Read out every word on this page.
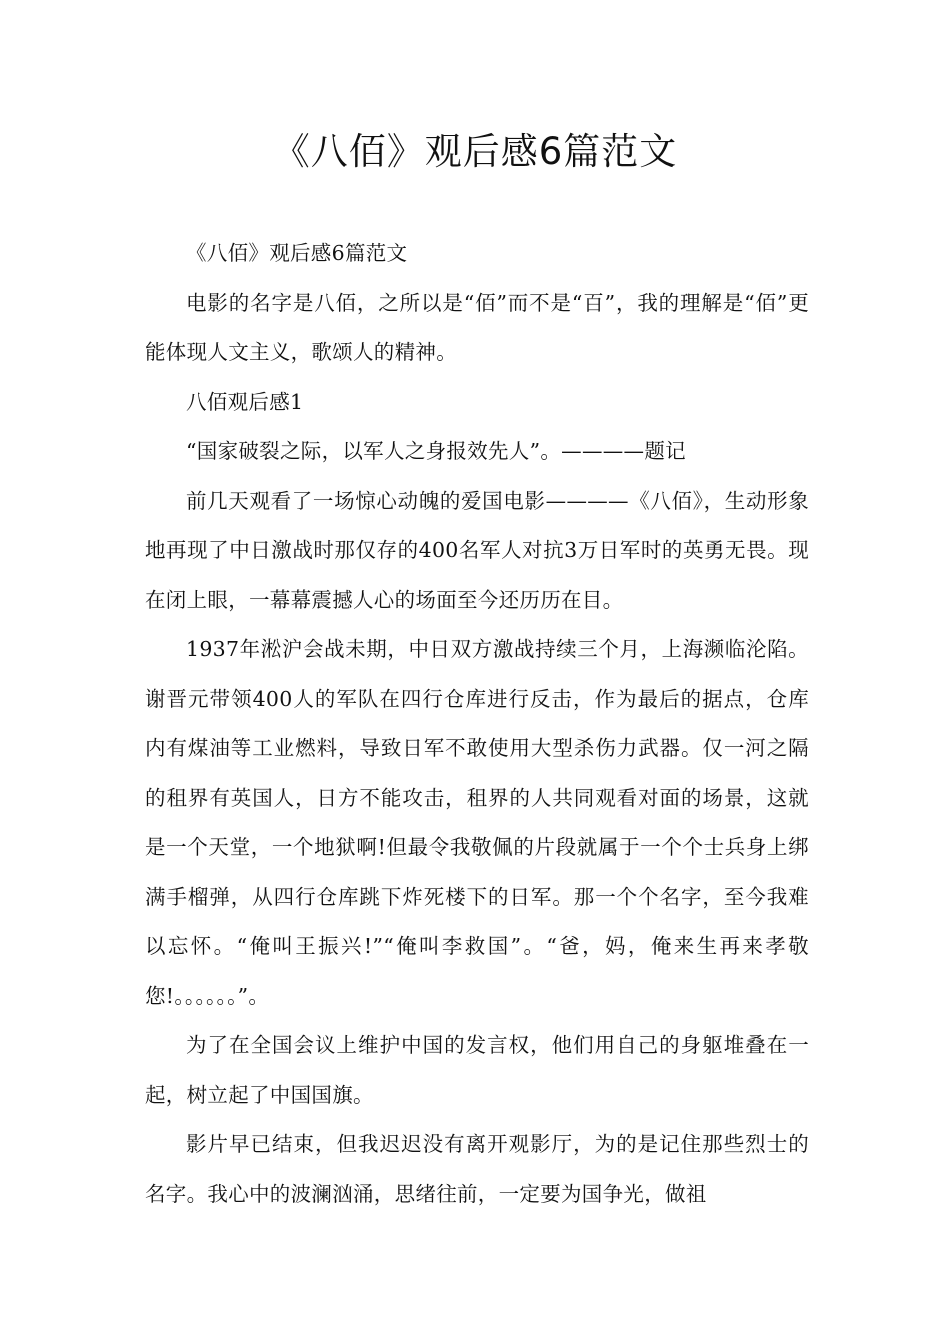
《八佰》观后感6篇范文

《八佰》观后感6篇范文

电影的名字是八佰，之所以是“佰”而不是“百”，我的理解是“佰”更能体现人文主义，歌颂人的精神。

八佰观后感1

“国家破裂之际，以军人之身报效先人”。————题记

前几天观看了一场惊心动魄的爱国电影————《八佰》，生动形象地再现了中日激战时那仅存的400名军人对抗3万日军时的英勇无畏。现在闭上眼，一幕幕震撼人心的场面至今还历历在目。

1937年淞沪会战未期，中日双方激战持续三个月，上海濒临沦陷。谢晋元带领400人的军队在四行仓库进行反击，作为最后的据点，仓库内有煤油等工业燃料，导致日军不敢使用大型杀伤力武器。仅一河之隔的租界有英国人，日方不能攻击，租界的人共同观看对面的场景，这就是一个天堂，一个地狱啊!但最令我敬佩的片段就属于一个个士兵身上绑满手榴弹，从四行仓库跳下炸死楼下的日军。那一个个名字，至今我难以忘怀。“俺叫王振兴!”“俺叫李救国”。“爸，妈，俺来生再来孝敬您!。。。。。。”。

为了在全国会议上维护中国的发言权，他们用自己的身躯堆叠在一起，树立起了中国国旗。

影片早已结束，但我迟迟没有离开观影厅，为的是记住那些烈士的名字。我心中的波澜汹涌，思绪往前，一定要为国争光，做祖
